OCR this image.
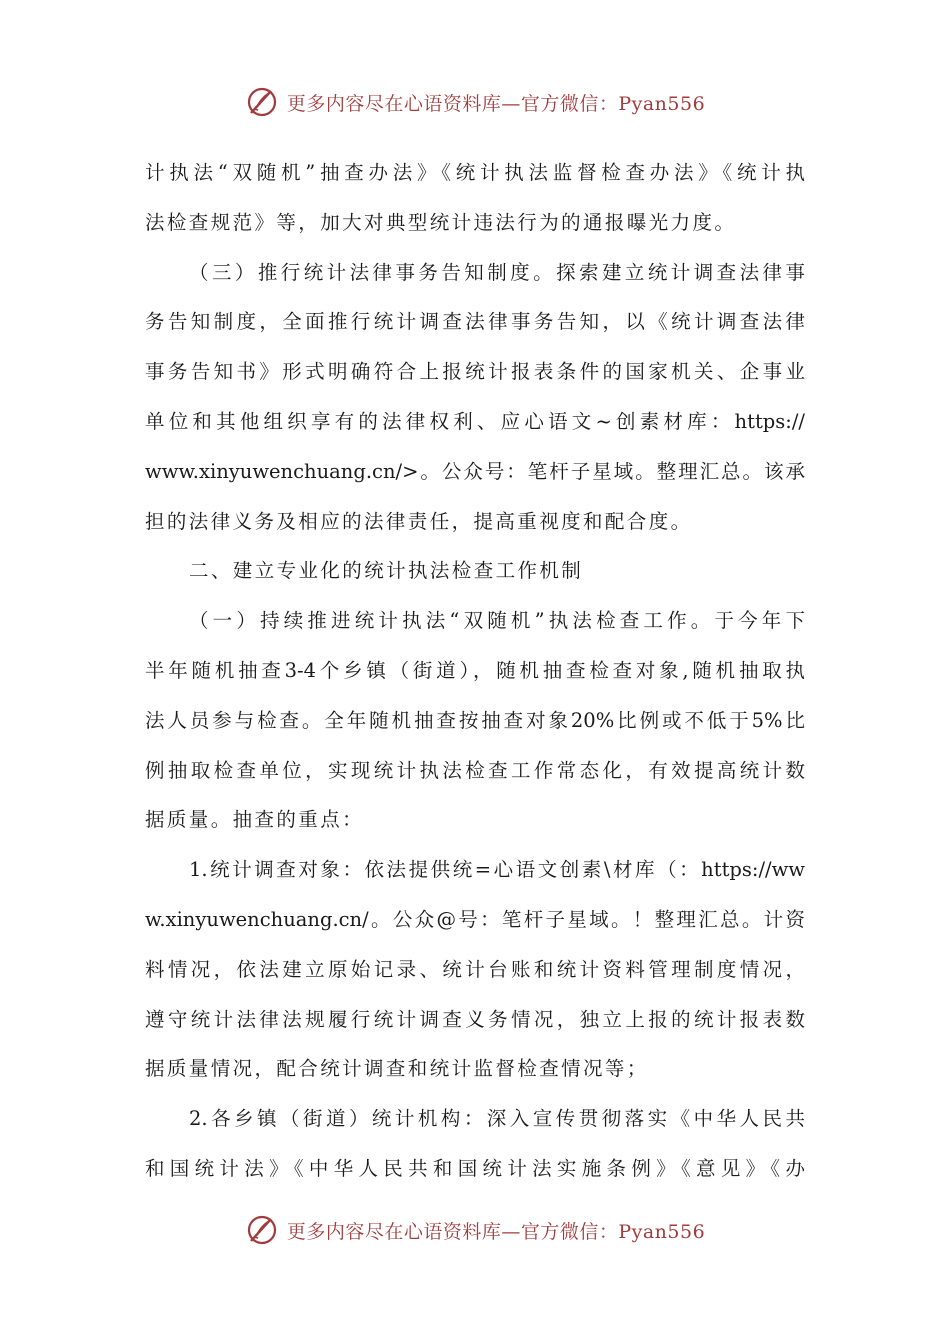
更多内容尽在心语资料库—官方微信：Pyan556
计执法“双随机”抽查办法》《统计执法监督检查办法》《统计执
法检查规范》等，加大对典型统计违法行为的通报曝光力度。
（三）推行统计法律事务告知制度。探索建立统计调查法律事
务告知制度，全面推行统计调查法律事务告知，以《统计调查法律
事务告知书》形式明确符合上报统计报表条件的国家机关、企事业
单位和其他组织享有的法律权利、应心语文~创素材库：https://
www.xinyuwenchuang.cn/>。公众号：笔杆子星域。整理汇总。该承
担的法律义务及相应的法律责任，提高重视度和配合度。
二、建立专业化的统计执法检查工作机制
（一）持续推进统计执法“双随机”执法检查工作。于今年下
半年随机抽查3-4个乡镇（街道），随机抽查检查对象,随机抽取执
法人员参与检查。全年随机抽查按抽查对象20%比例或不低于5%比
例抽取检查单位，实现统计执法检查工作常态化，有效提高统计数
据质量。抽查的重点：
1.统计调查对象：依法提供统=心语文创素\材库（：https://ww
w.xinyuwenchuang.cn/。公众@号：笔杆子星域。！整理汇总。计资
料情况，依法建立原始记录、统计台账和统计资料管理制度情况，
遵守统计法律法规履行统计调查义务情况，独立上报的统计报表数
据质量情况，配合统计调查和统计监督检查情况等；
2.各乡镇（街道）统计机构：深入宣传贯彻落实《中华人民共
和国统计法》《中华人民共和国统计法实施条例》《意见》《办
更多内容尽在心语资料库—官方微信：Pyan556
